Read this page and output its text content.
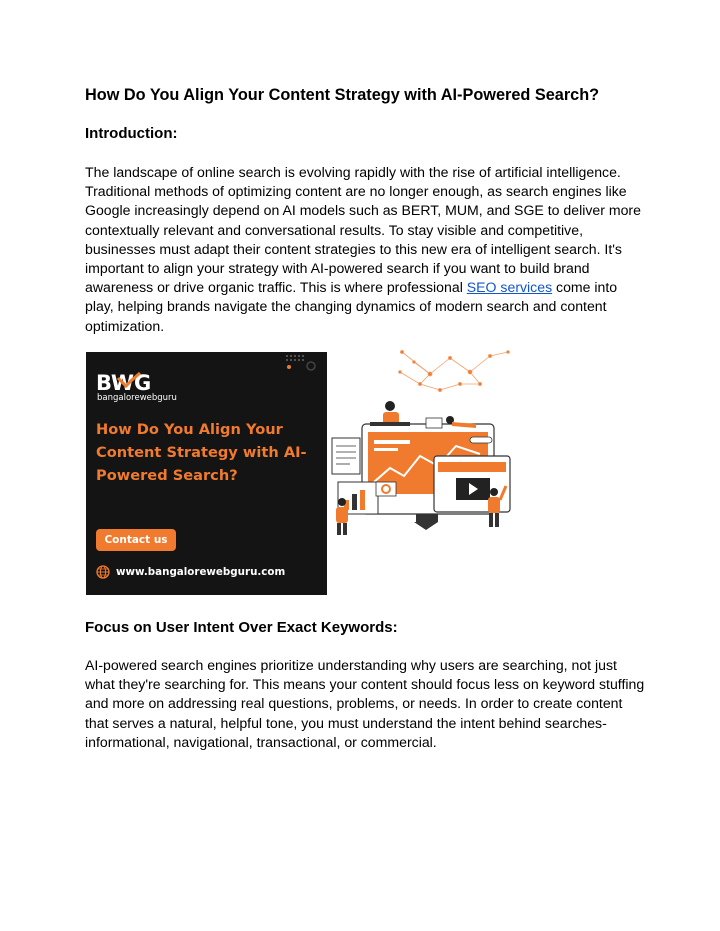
How Do You Align Your Content Strategy with AI-Powered Search?
Introduction:

The landscape of online search is evolving rapidly with the rise of artificial intelligence. Traditional methods of optimizing content are no longer enough, as search engines like Google increasingly depend on AI models such as BERT, MUM, and SGE to deliver more contextually relevant and conversational results. To stay visible and competitive, businesses must adapt their content strategies to this new era of intelligent search. It's important to align your strategy with AI-powered search if you want to build brand awareness or drive organic traffic. This is where professional SEO services come into play, helping brands navigate the changing dynamics of modern search and content optimization.

BWG
bangalorewebguru

How Do You Align Your Content Strategy with AI-Powered Search?

Contact us
www.bangalorewebguru.com
Focus on User Intent Over Exact Keywords:

AI-powered search engines prioritize understanding why users are searching, not just what they're searching for. This means your content should focus less on keyword stuffing and more on addressing real questions, problems, or needs. In order to create content that serves a natural, helpful tone, you must understand the intent behind searches-informational, navigational, transactional, or commercial.
